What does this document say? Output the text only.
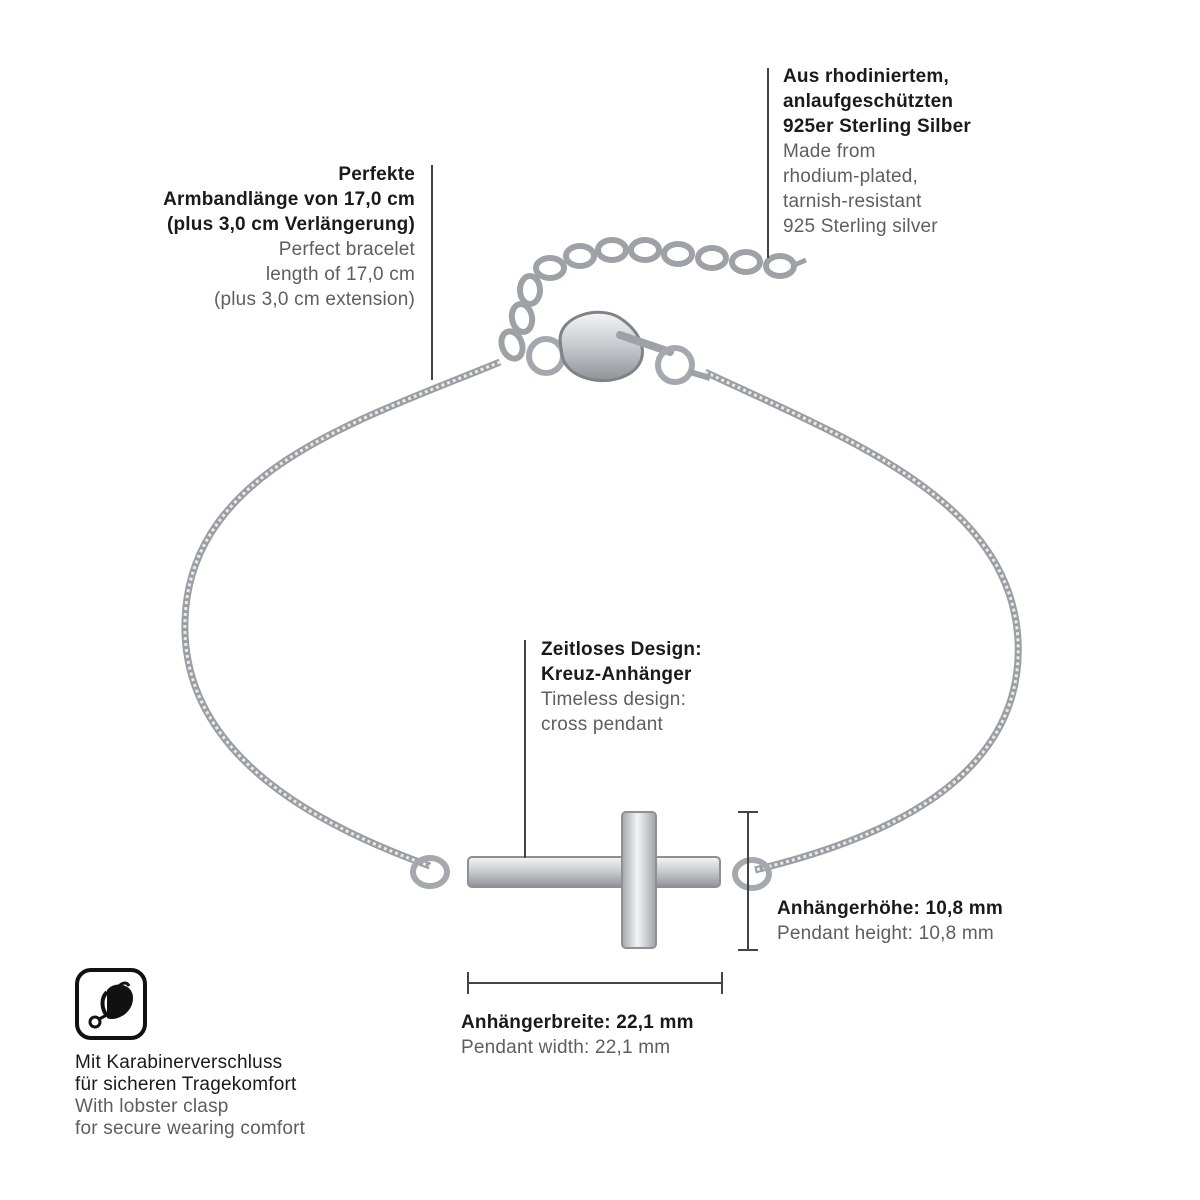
Aus rhodiniertem,
anlaufgeschützten
925er Sterling Silber
Made from
rhodium-plated,
tarnish-resistant
925 Sterling silver
Perfekte
Armbandlänge von 17,0 cm
(plus 3,0 cm Verlängerung)
Perfect bracelet
length of 17,0 cm
(plus 3,0 cm extension)
Zeitloses Design:
Kreuz-Anhänger
Timeless design:
cross pendant
Anhängerhöhe: 10,8 mm
Pendant height: 10,8 mm
Anhängerbreite: 22,1 mm
Pendant width: 22,1 mm
Mit Karabinerverschluss
für sicheren Tragekomfort
With lobster clasp
for secure wearing comfort
